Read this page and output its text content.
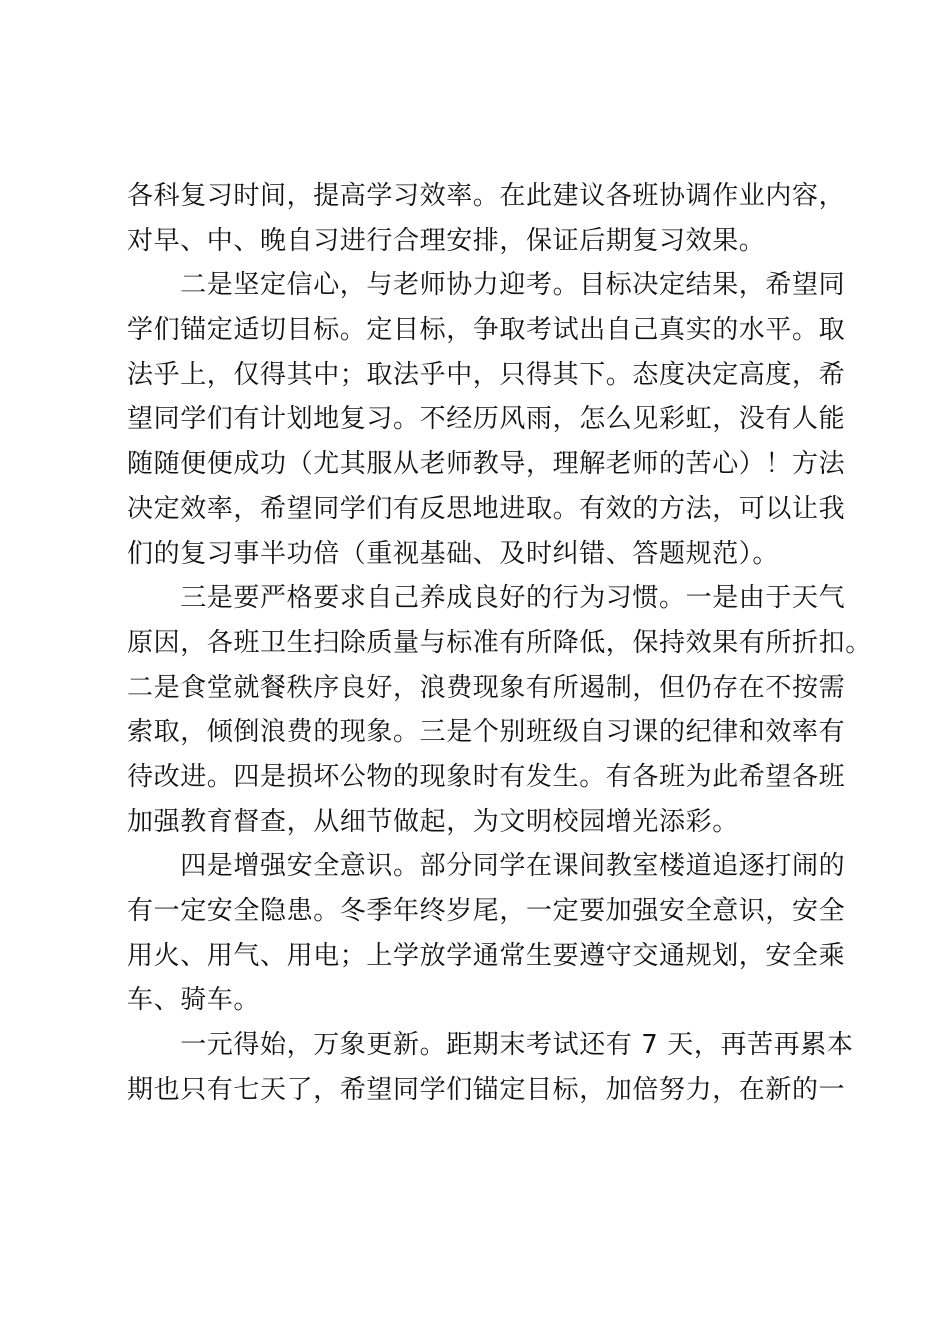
各科复习时间，提高学习效率。在此建议各班协调作业内容，
对早、中、晚自习进行合理安排，保证后期复习效果。
　　二是坚定信心，与老师协力迎考。目标决定结果，希望同
学们锚定适切目标。定目标，争取考试出自己真实的水平。取
法乎上，仅得其中；取法乎中，只得其下。态度决定高度，希
望同学们有计划地复习。不经历风雨，怎么见彩虹，没有人能
随随便便成功（尤其服从老师教导，理解老师的苦心）！方法
决定效率，希望同学们有反思地进取。有效的方法，可以让我
们的复习事半功倍（重视基础、及时纠错、答题规范）。
　　三是要严格要求自己养成良好的行为习惯。一是由于天气
原因，各班卫生扫除质量与标准有所降低，保持效果有所折扣。
二是食堂就餐秩序良好，浪费现象有所遏制，但仍存在不按需
索取，倾倒浪费的现象。三是个别班级自习课的纪律和效率有
待改进。四是损坏公物的现象时有发生。有各班为此希望各班
加强教育督查，从细节做起，为文明校园增光添彩。
　　四是增强安全意识。部分同学在课间教室楼道追逐打闹的
有一定安全隐患。冬季年终岁尾，一定要加强安全意识，安全
用火、用气、用电；上学放学通常生要遵守交通规划，安全乘
车、骑车。
　　一元得始，万象更新。距期末考试还有 7 天，再苦再累本
期也只有七天了，希望同学们锚定目标，加倍努力，在新的一
